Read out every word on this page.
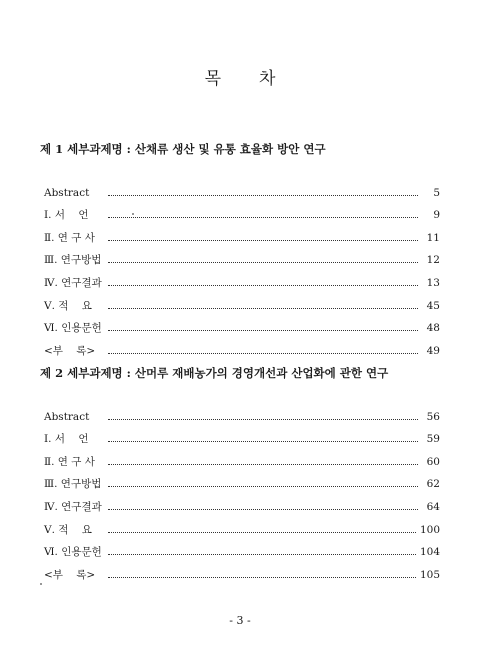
목 차
제 1 세부과제명 : 산채류 생산 및 유통 효율화 방안 연구
Abstract	5
Ⅰ. 서    언	9
Ⅱ. 연 구 사	11
Ⅲ. 연구방법	12
Ⅳ. 연구결과	13
Ⅴ. 적    요	45
Ⅵ. 인용문헌	48
<부    록>	49
제 2 세부과제명 : 산머루 재배농가의 경영개선과 산업화에 관한 연구
Abstract	56
Ⅰ. 서    언	59
Ⅱ. 연 구 사	60
Ⅲ. 연구방법	62
Ⅳ. 연구결과	64
Ⅴ. 적    요	100
Ⅵ. 인용문헌	104
<부    록>	105
- 3 -
